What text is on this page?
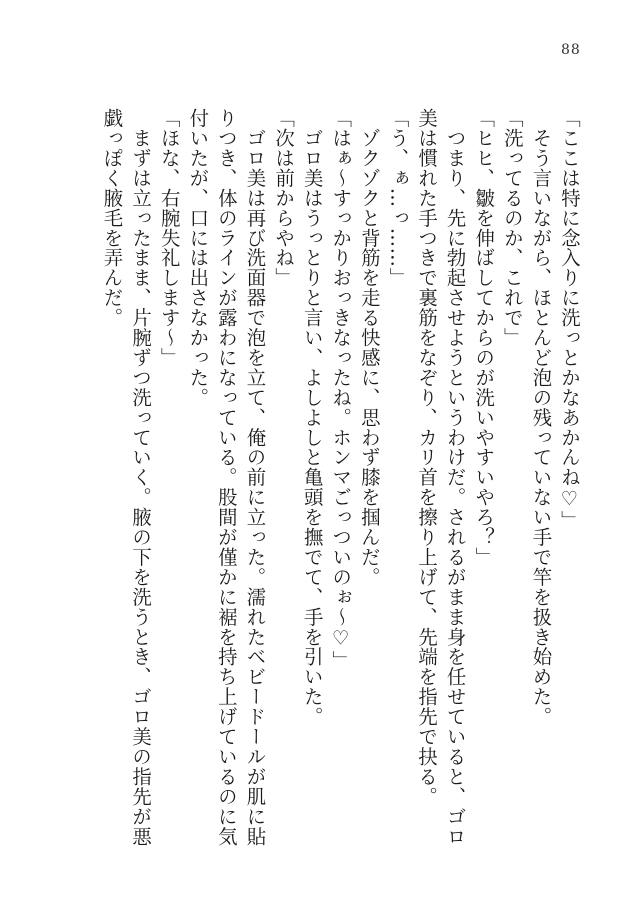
88
「ここは特に念入りに洗っとかなあかんね♡」
　そう言いながら、ほとんど泡の残っていない手で竿を扱き始めた。
「洗ってるのか、これで」
「ヒヒ、皺を伸ばしてからのが洗いやすいやろ？」
　つまり、先に勃起させようというわけだ。されるがまま身を任せていると、ゴロ
美は慣れた手つきで裏筋をなぞり、カリ首を擦り上げて、先端を指先で抉る。
「う、ぁ…っ……」
　ゾクゾクと背筋を走る快感に、思わず膝を掴んだ。
「はぁ〜すっかりおっきなったね。ホンマごっついのぉ〜♡」
　ゴロ美はうっとりと言い、よしよしと亀頭を撫でて、手を引いた。
「次は前からやね」
　ゴロ美は再び洗面器で泡を立て、俺の前に立った。濡れたベビードールが肌に貼
りつき、体のラインが露わになっている。股間が僅かに裾を持ち上げているのに気
付いたが、口には出さなかった。
「ほな、右腕失礼します〜」
　まずは立ったまま、片腕ずつ洗っていく。腋の下を洗うとき、ゴロ美の指先が悪
戯っぽく腋毛を弄んだ。
